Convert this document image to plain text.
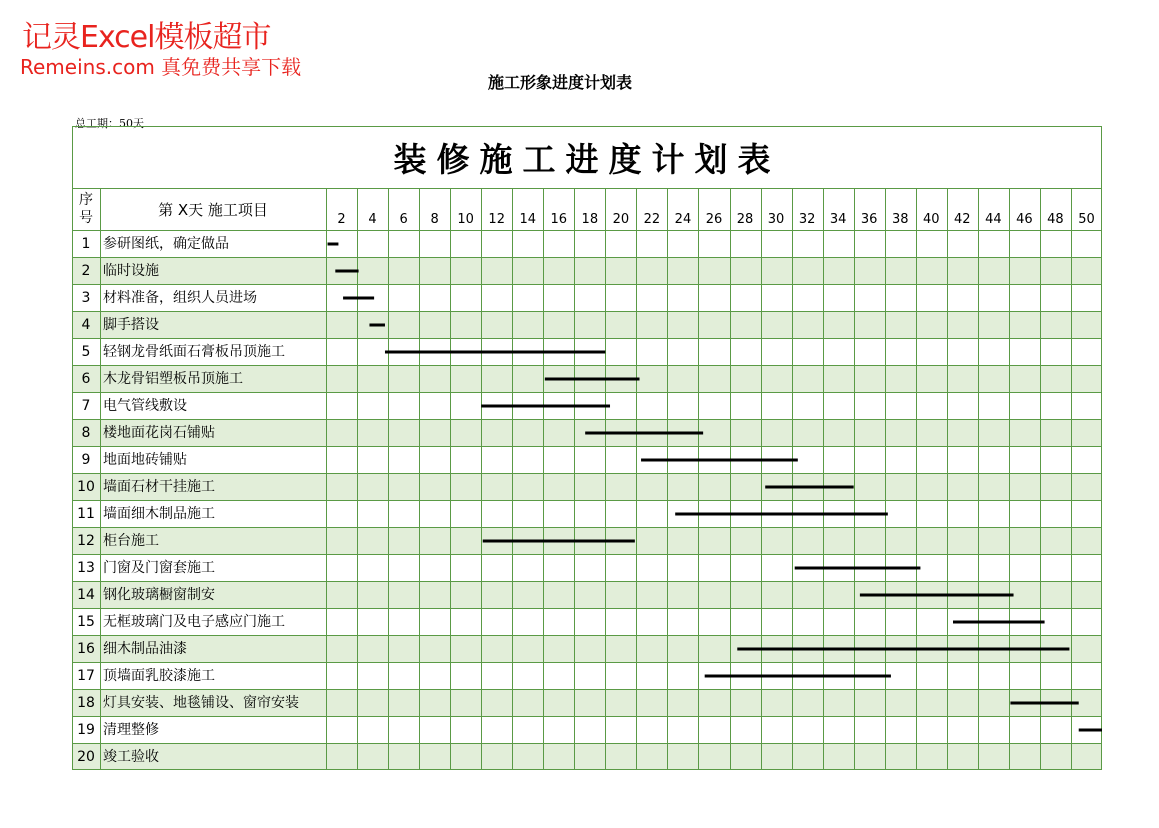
记灵Excel模板超市
Remeins.com 真免费共享下载
施工形象进度计划表
总工期：50天
装修施工进度计划表
序
号	第 X天 施工项目
2	4	6	8	10	12	14	16	18	20	22	24	26	28	30	32	34	36	38	40	42	44	46	48	50
1 参研图纸，确定做品
2 临时设施
3 材料准备，组织人员进场
4 脚手搭设
5 轻钢龙骨纸面石膏板吊顶施工
6 木龙骨铝塑板吊顶施工
7 电气管线敷设
8 楼地面花岗石铺贴
9 地面地砖铺贴
10 墙面石材干挂施工
11 墙面细木制品施工
12 柜台施工
13 门窗及门窗套施工
14 钢化玻璃橱窗制安
15 无框玻璃门及电子感应门施工
16 细木制品油漆
17 顶墙面乳胶漆施工
18 灯具安装、地毯铺设、窗帘安装
19 清理整修
20 竣工验收
